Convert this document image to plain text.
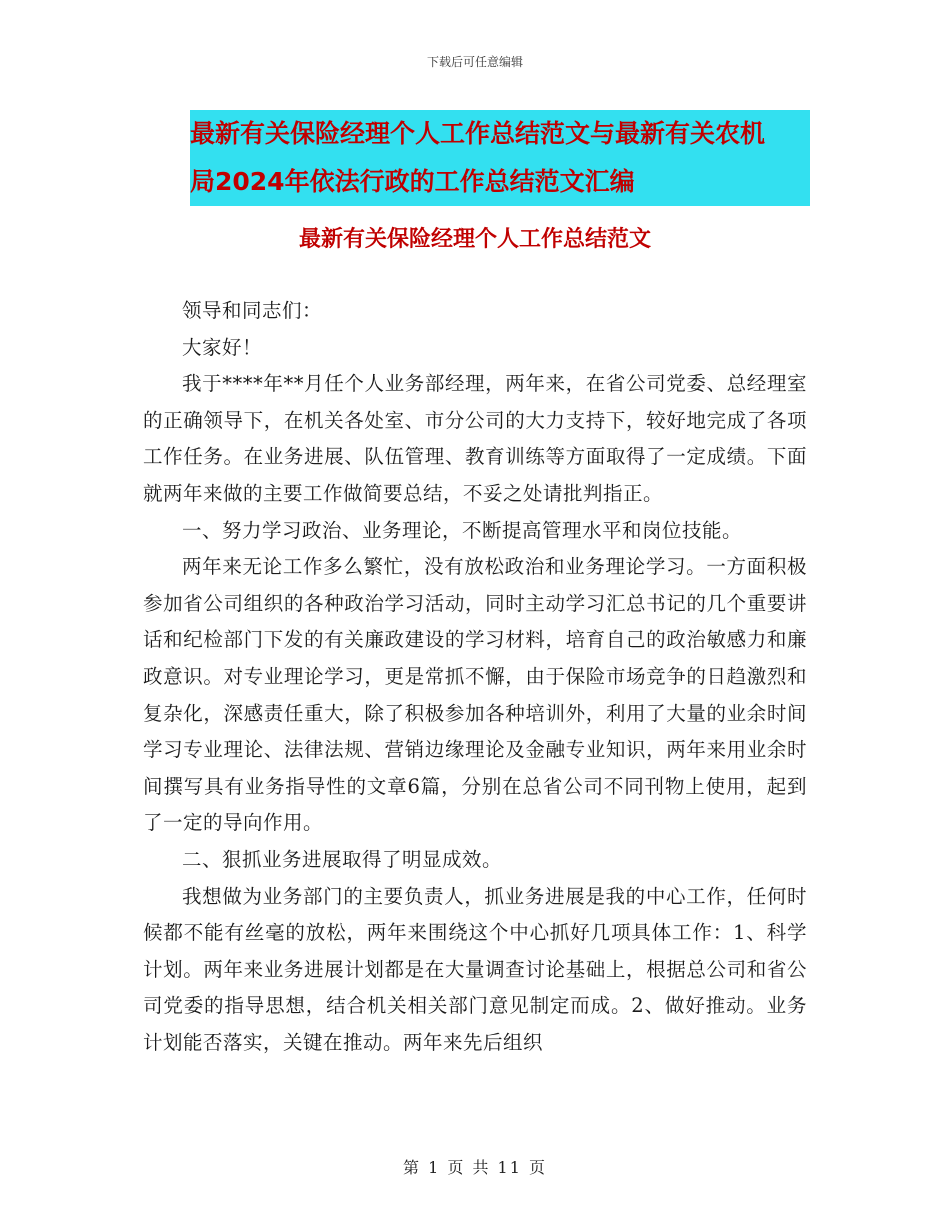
下载后可任意编辑
最新有关保险经理个人工作总结范文与最新有关农机
局2024年依法行政的工作总结范文汇编
最新有关保险经理个人工作总结范文

领导和同志们：

大家好！

我于****年**月任个人业务部经理，两年来，在省公司党委、总经理室的正确领导下，在机关各处室、市分公司的大力支持下，较好地完成了各项工作任务。在业务进展、队伍管理、教育训练等方面取得了一定成绩。下面就两年来做的主要工作做简要总结，不妥之处请批判指正。

一、努力学习政治、业务理论，不断提高管理水平和岗位技能。

两年来无论工作多么繁忙，没有放松政治和业务理论学习。一方面积极参加省公司组织的各种政治学习活动，同时主动学习汇总书记的几个重要讲话和纪检部门下发的有关廉政建设的学习材料，培育自己的政治敏感力和廉政意识。对专业理论学习，更是常抓不懈，由于保险市场竞争的日趋激烈和复杂化，深感责任重大，除了积极参加各种培训外，利用了大量的业余时间学习专业理论、法律法规、营销边缘理论及金融专业知识，两年来用业余时间撰写具有业务指导性的文章6篇，分别在总省公司不同刊物上使用，起到了一定的导向作用。

二、狠抓业务进展取得了明显成效。

我想做为业务部门的主要负责人，抓业务进展是我的中心工作，任何时候都不能有丝毫的放松，两年来围绕这个中心抓好几项具体工作：1、科学计划。两年来业务进展计划都是在大量调查讨论基础上，根据总公司和省公司党委的指导思想，结合机关相关部门意见制定而成。2、做好推动。业务计划能否落实，关键在推动。两年来先后组织

第 1 页 共 11 页
